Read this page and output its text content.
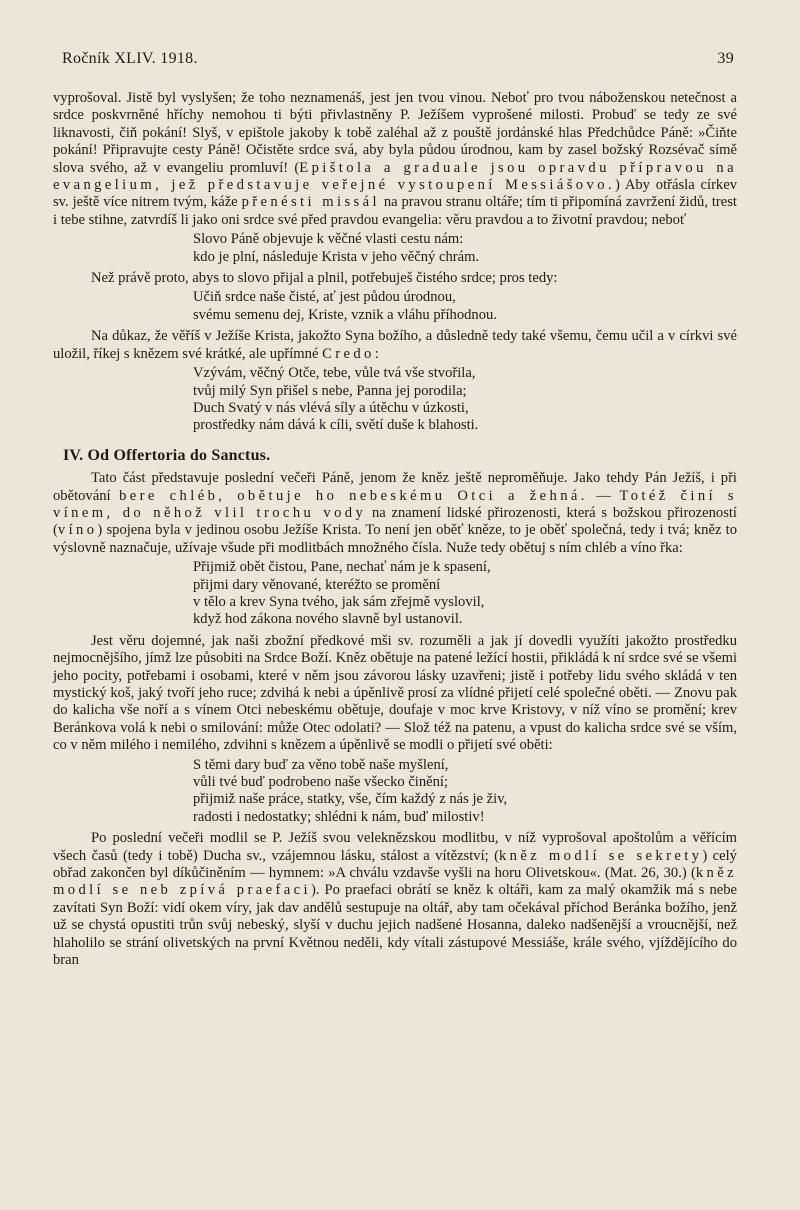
Ročník XLIV. 1918.	39

vyprošoval. Jistě byl vyslyšen; že toho neznamenáš, jest jen tvou vinou. Neboť pro tvou náboženskou netečnost a srdce poskvrněné hříchy nemohou ti býti přivlastněny P. Ježíšem vyprošené milosti. Probuď se tedy ze své liknavosti, čiň pokání! Slyš, v epištole jakoby k tobě zaléhal až z pouště jordánské hlas Předchůdce Páně: »Čiňte pokání! Připravujte cesty Páně! Očistěte srdce svá, aby byla půdou úrodnou, kam by zasel božský Rozsévač símě slova svého, až v evangeliu promluví! (Epištola a graduale jsou opravdu přípravou na evangelium, jež představuje veřejné vystoupení Messiášovo.) Aby otřásla církev sv. ještě více nitrem tvým, káže přenésti missál na pravou stranu oltáře; tím ti připomíná zavržení židů, trest i tebe stihne, zatvrdíš li jako oni srdce své před pravdou evangelia: věru pravdou a to životní pravdou; neboť

Slovo Páně objevuje k věčné vlasti cestu nám:
kdo je plní, následuje Krista v jeho věčný chrám.

Než právě proto, abys to slovo přijal a plnil, potřebuješ čistého srdce; pros tedy:

Učiň srdce naše čisté, ať jest půdou úrodnou,
svému semenu dej, Kriste, vznik a vláhu příhodnou.

Na důkaz, že věříš v Ježíše Krista, jakožto Syna božího, a důsledně tedy také všemu, čemu učil a v církvi své uložil, říkej s knězem své krátké, ale upřímné Credo:

Vzývám, věčný Otče, tebe, vůle tvá vše stvořila,
tvůj milý Syn přišel s nebe, Panna jej porodila;
Duch Svatý v nás vlévá síly a útěchu v úzkosti,
prostředky nám dává k cíli, světí duše k blahosti.
IV. Od Offertoria do Sanctus.

Tato část představuje poslední večeři Páně, jenom že kněz ještě neproměňuje. Jako tehdy Pán Ježíš, i při obětování bere chléb, obětuje ho nebeskému Otci a žehná. — Totéž činí s vínem, do něhož vlil trochu vody na znamení lidské přirozenosti, která s božskou přirozeností (víno) spojena byla v jedinou osobu Ježíše Krista. To není jen oběť kněze, to je oběť společná, tedy i tvá; kněz to výslovně naznačuje, užívaje všude při modlitbách množného čísla. Nuže tedy obětuj s ním chléb a víno řka:

Přijmiž obět čistou, Pane, nechať nám je k spasení,
přijmi dary věnované, kteréžto se promění
v tělo a krev Syna tvého, jak sám zřejmě vyslovil,
když hod zákona nového slavně byl ustanovil.

Jest věru dojemné, jak naši zbožní předkové mši sv. rozuměli a jak jí dovedli využíti jakožto prostředku nejmocnějšího, jímž lze působiti na Srdce Boží. Kněz obětuje na patené ležící hostii, přikládá k ní srdce své se všemi jeho pocity, potřebami i osobami, které v něm jsou závorou lásky uzavřeni; jistě i potřeby lidu svého skládá v ten mystický koš, jaký tvoří jeho ruce; zdvihá k nebi a úpěnlivě prosí za vlídné přijetí celé společné oběti. — Znovu pak do kalicha vše noří a s vínem Otci nebeskému obětuje, doufaje v moc krve Kristovy, v níž víno se promění; krev Beránkova volá k nebi o smilování: může Otec odolati? — Slož též na patenu, a vpust do kalicha srdce své se vším, co v něm milého i nemilého, zdvihni s knězem a úpěnlivě se modli o přijetí své oběti:

S těmi dary buď za věno tobě naše myšlení,
vůli tvé buď podrobeno naše všecko činění;
přijmiž naše práce, statky, vše, čím každý z nás je živ,
radosti i nedostatky; shlédni k nám, buď milostiv!

Po poslední večeři modlil se P. Ježíš svou veleknězskou modlitbu, v níž vyprošoval apoštolům a věřícím všech časů (tedy i tobě) Ducha sv., vzájemnou lásku, stálost a vítězství; (kněz modlí se sekrety) celý obřad zakončen byl díkůčiněním — hymnem: »A chválu vzdavše vyšli na horu Olivetskou«. (Mat. 26, 30.) (kněz modlí se neb zpívá praefaci). Po praefaci obrátí se kněz k oltáři, kam za malý okamžik má s nebe zavítati Syn Boží: vidí okem víry, jak dav andělů sestupuje na oltář, aby tam očekával příchod Beránka božího, jenž už se chystá opustiti trůn svůj nebeský, slyší v duchu jejich nadšené Hosanna, daleko nadšenější a vroucnější, než hlaholilo se strání olivetských na první Květnou neděli, kdy vítali zástupové Messiáše, krále svého, vjíždějícího do bran
